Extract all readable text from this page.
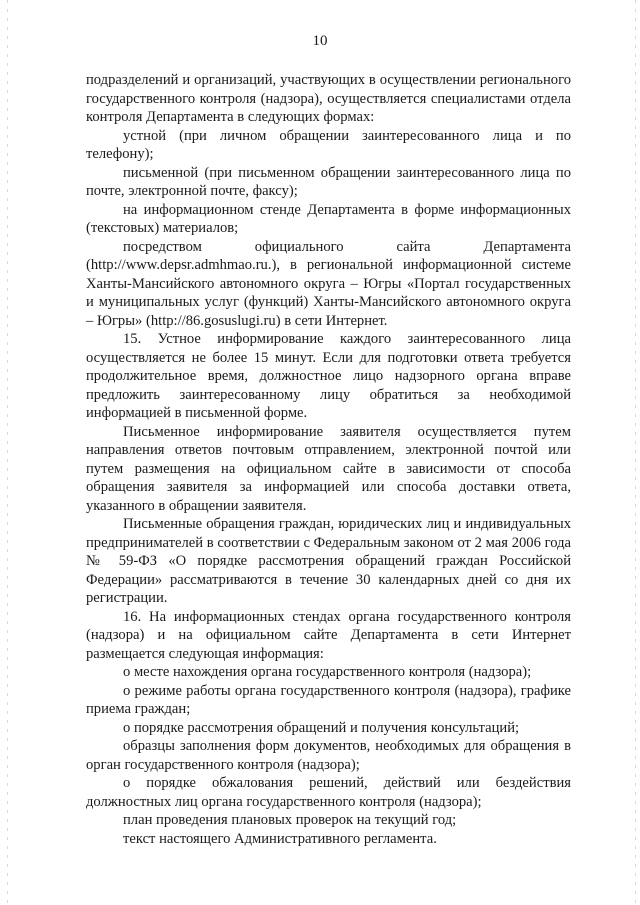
10

подразделений и организаций, участвующих в осуществлении регионального государственного контроля (надзора), осуществляется специалистами отдела контроля Департамента в следующих формах:

устной (при личном обращении заинтересованного лица и по телефону);

письменной (при письменном обращении заинтересованного лица по почте, электронной почте, факсу);

на информационном стенде Департамента в форме информационных (текстовых) материалов;

посредством официального сайта Департамента (http://www.depsr.admhmao.ru.), в региональной информационной системе Ханты-Мансийского автономного округа – Югры «Портал государственных и муниципальных услуг (функций) Ханты-Мансийского автономного округа – Югры» (http://86.gosuslugi.ru) в сети Интернет.

15. Устное информирование каждого заинтересованного лица осуществляется не более 15 минут. Если для подготовки ответа требуется продолжительное время, должностное лицо надзорного органа вправе предложить заинтересованному лицу обратиться за необходимой информацией в письменной форме.

Письменное информирование заявителя осуществляется путем направления ответов почтовым отправлением, электронной почтой или путем размещения на официальном сайте в зависимости от способа обращения заявителя за информацией или способа доставки ответа, указанного в обращении заявителя.

Письменные обращения граждан, юридических лиц и индивидуальных предпринимателей в соответствии с Федеральным законом от 2 мая 2006 года № 59-ФЗ «О порядке рассмотрения обращений граждан Российской Федерации» рассматриваются в течение 30 календарных дней со дня их регистрации.

16. На информационных стендах органа государственного контроля (надзора) и на официальном сайте Департамента в сети Интернет размещается следующая информация:

о месте нахождения органа государственного контроля (надзора);

о режиме работы органа государственного контроля (надзора), графике приема граждан;

о порядке рассмотрения обращений и получения консультаций;

образцы заполнения форм документов, необходимых для обращения в орган государственного контроля (надзора);

о порядке обжалования решений, действий или бездействия должностных лиц органа государственного контроля (надзора);

план проведения плановых проверок на текущий год;

текст настоящего Административного регламента.
